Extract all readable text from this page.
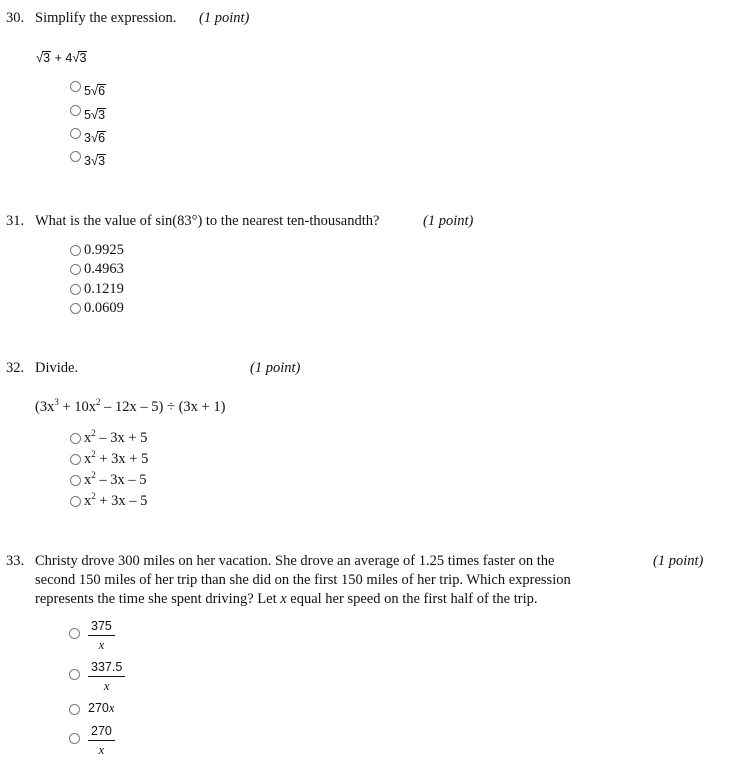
30. Simplify the expression. (1 point)
√3 + 4√3
5√6
5√3
3√6
3√3
31. What is the value of sin(83°) to the nearest ten-thousandth?	(1 point)
0.9925
0.4963
0.1219
0.0609
32. Divide.	(1 point)
$(3x^3 + 10x^2 - 12x - 5) \div (3x + 1)$
$x^2 - 3x + 5$
$x^2 + 3x + 5$
$x^2 - 3x - 5$
$x^2 + 3x - 5$
33. Christy drove 300 miles on her vacation. She drove an average of 1.25 times faster on the
second 150 miles of her trip than she did on the first 150 miles of her trip. Which expression
represents the time she spent driving? Let x equal her speed on the first half of the trip.
(1 point)
$\frac{375}{x}$
$\frac{337.5}{x}$
270x
$\frac{270}{x}$
